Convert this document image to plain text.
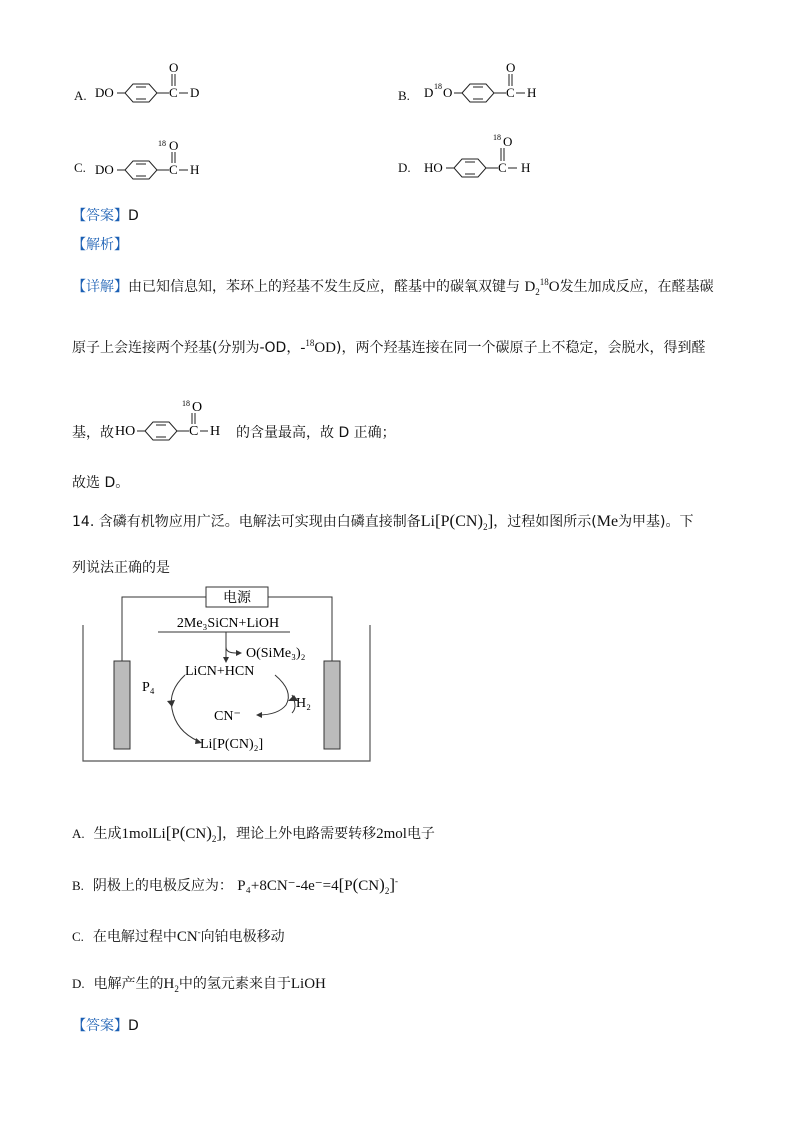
A. DO	C
O
D	B. D 18 O	C
O
H
C. DO	C
18 O
H	D. HO	C
18 O
H
【答案】D
【解析】
【详解】由已知信息知，苯环上的羟基不发生反应，醛基中的碳氧双键与 $D_2^{18}O$发生加成反应，在醛基碳
原子上会连接两个羟基(分别为-OD，-$^{18}$OD)，两个羟基连接在同一个碳原子上不稳定，会脱水，得到醛
基，故 HO	C
18 O
H 的含量最高，故 D 正确；
故选 D。
14. 含磷有机物应用广泛。电解法可实现由白磷直接制备$Li[P(CN)_2]$，过程如图所示(Me为甲基)。下
列说法正确的是
电源
2Me₃SiCN+LiOH
O(SiMe₃)₂
LiCN+HCN
P₄
Li[P(CN)₂]
CN⁻
H₂
A. 生成$1molLi[P(CN)_2]$，理论上外电路需要转移2mol电子
B. 阴极上的电极反应为： $P_4+8CN^--4e^-=4[P(CN)_2]^-$
C. 在电解过程中CN-向铂电极移动
D. 电解产生的$H_2$中的氢元素来自于LiOH
【答案】D
